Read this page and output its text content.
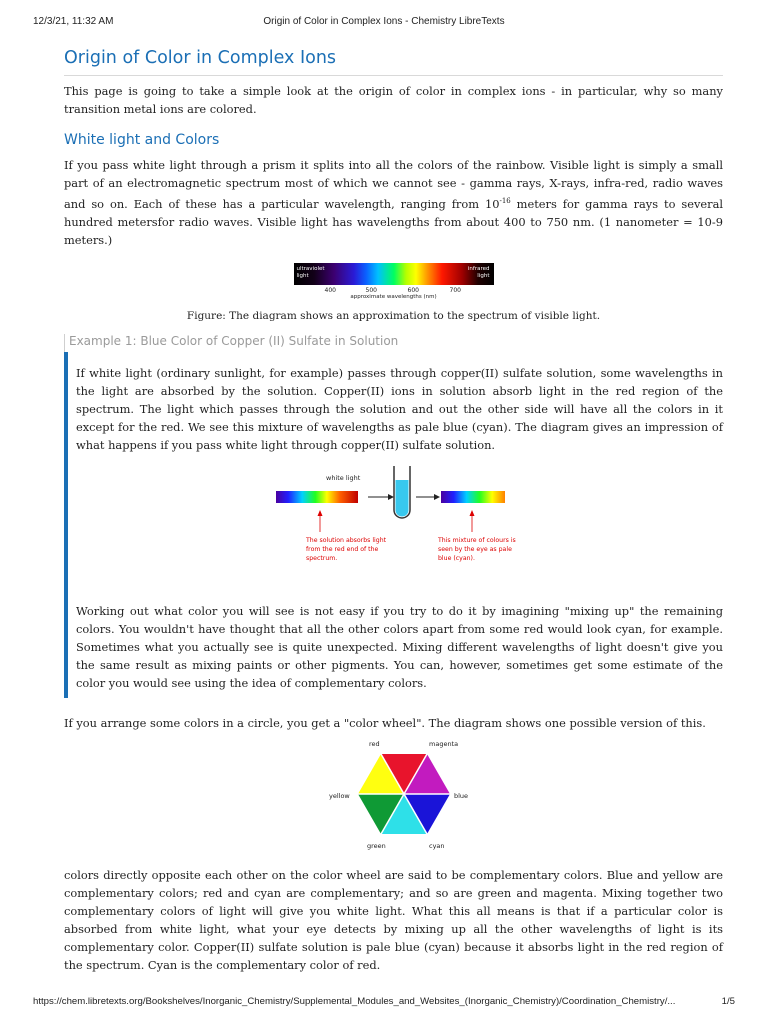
12/3/21, 11:32 AM	Origin of Color in Complex Ions - Chemistry LibreTexts
Origin of Color in Complex Ions

This page is going to take a simple look at the origin of color in complex ions - in particular, why so many transition metal ions are colored.

White light and Colors

If you pass white light through a prism it splits into all the colors of the rainbow. Visible light is simply a small part of an electromagnetic spectrum most of which we cannot see - gamma rays, X-rays, infra-red, radio waves and so on. Each of these has a particular wavelength, ranging from $10^{-16}$ meters for gamma rays to several hundred metersfor radio waves. Visible light has wavelengths from about 400 to 750 nm. (1 nanometer = 10-9 meters.)

ultraviolet light
infrared light
400	500	600	700
approximate wavelengths (nm)
Figure: The diagram shows an approximation to the spectrum of visible light.
Example 1: Blue Color of Copper (II) Sulfate in Solution

If white light (ordinary sunlight, for example) passes through copper(II) sulfate solution, some wavelengths in the light are absorbed by the solution. Copper(II) ions in solution absorb light in the red region of the spectrum. The light which passes through the solution and out the other side will have all the colors in it except for the red. We see this mixture of wavelengths as pale blue (cyan). The diagram gives an impression of what happens if you pass white light through copper(II) sulfate solution.

white light
The solution absorbs light from the red end of the spectrum.
This mixture of colours is seen by the eye as pale blue (cyan).

Working out what color you will see is not easy if you try to do it by imagining "mixing up" the remaining colors. You wouldn't have thought that all the other colors apart from some red would look cyan, for example. Sometimes what you actually see is quite unexpected. Mixing different wavelengths of light doesn't give you the same result as mixing paints or other pigments. You can, however, sometimes get some estimate of the color you would see using the idea of complementary colors.

If you arrange some colors in a circle, you get a "color wheel". The diagram shows one possible version of this.

red	magenta
blue
cyan
green
yellow

colors directly opposite each other on the color wheel are said to be complementary colors. Blue and yellow are complementary colors; red and cyan are complementary; and so are green and magenta. Mixing together two complementary colors of light will give you white light. What this all means is that if a particular color is absorbed from white light, what your eye detects by mixing up all the other wavelengths of light is its complementary color. Copper(II) sulfate solution is pale blue (cyan) because it absorbs light in the red region of the spectrum. Cyan is the complementary color of red.

https://chem.libretexts.org/Bookshelves/Inorganic_Chemistry/Supplemental_Modules_and_Websites_(Inorganic_Chemistry)/Coordination_Chemistry/...	1/5
